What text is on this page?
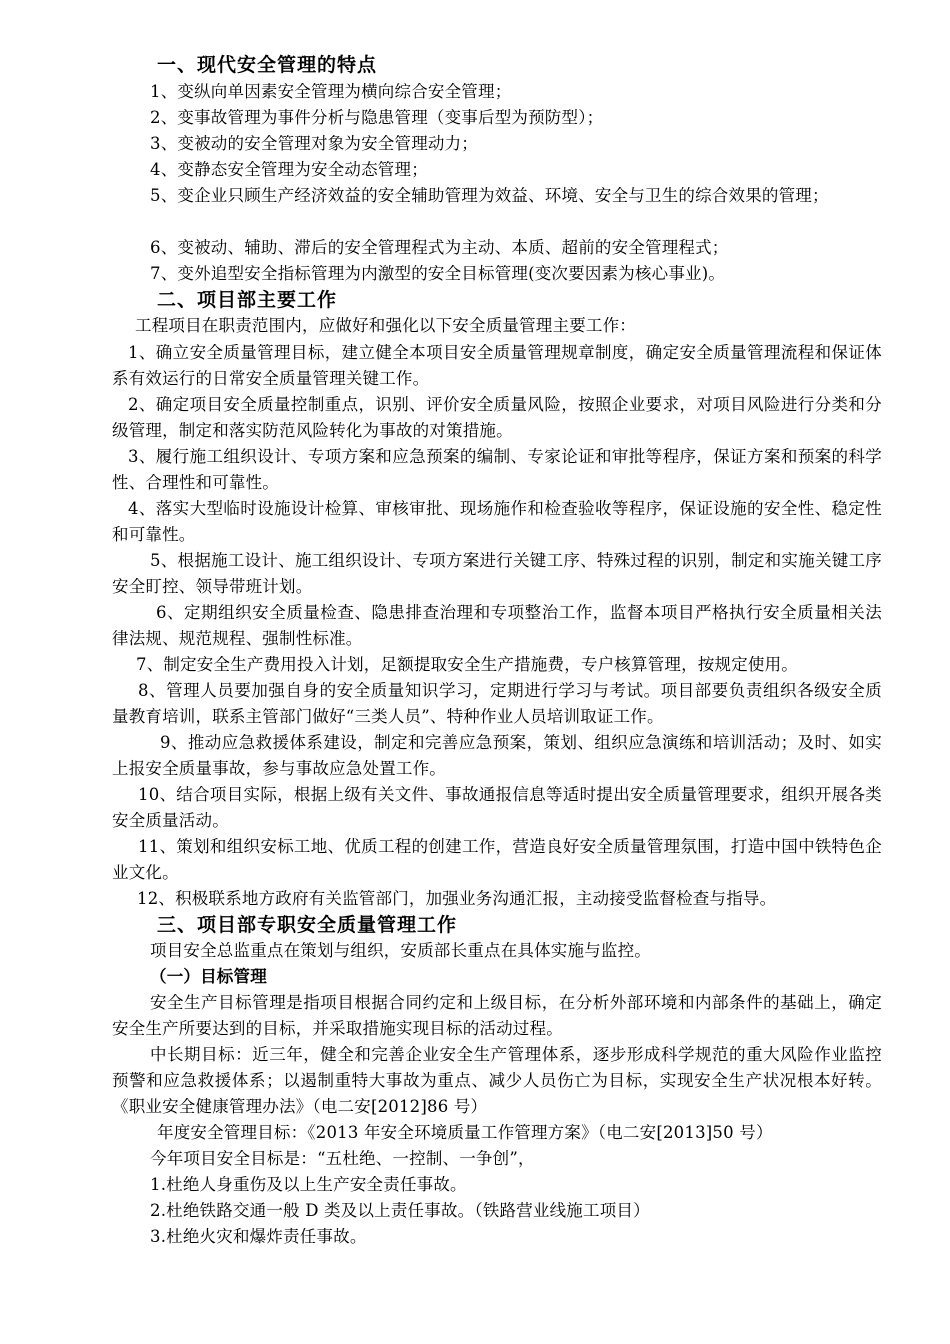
一、现代安全管理的特点
1、变纵向单因素安全管理为横向综合安全管理；
2、变事故管理为事件分析与隐患管理（变事后型为预防型）；
3、变被动的安全管理对象为安全管理动力；
4、变静态安全管理为安全动态管理；
5、变企业只顾生产经济效益的安全辅助管理为效益、环境、安全与卫生的综合效果的管理；
6、变被动、辅助、滞后的安全管理程式为主动、本质、超前的安全管理程式；
7、变外追型安全指标管理为内激型的安全目标管理(变次要因素为核心事业)。
二、项目部主要工作
工程项目在职责范围内，应做好和强化以下安全质量管理主要工作：
1、确立安全质量管理目标，建立健全本项目安全质量管理规章制度，确定安全质量管理流程和保证体系有效运行的日常安全质量管理关键工作。
2、确定项目安全质量控制重点，识别、评价安全质量风险，按照企业要求，对项目风险进行分类和分级管理，制定和落实防范风险转化为事故的对策措施。
3、履行施工组织设计、专项方案和应急预案的编制、专家论证和审批等程序，保证方案和预案的科学性、合理性和可靠性。
4、落实大型临时设施设计检算、审核审批、现场施作和检查验收等程序，保证设施的安全性、稳定性和可靠性。
5、根据施工设计、施工组织设计、专项方案进行关键工序、特殊过程的识别，制定和实施关键工序安全盯控、领导带班计划。
6、定期组织安全质量检查、隐患排查治理和专项整治工作，监督本项目严格执行安全质量相关法律法规、规范规程、强制性标准。
7、制定安全生产费用投入计划，足额提取安全生产措施费，专户核算管理，按规定使用。
8、管理人员要加强自身的安全质量知识学习，定期进行学习与考试。项目部要负责组织各级安全质量教育培训，联系主管部门做好“三类人员”、特种作业人员培训取证工作。
9、推动应急救援体系建设，制定和完善应急预案，策划、组织应急演练和培训活动；及时、如实上报安全质量事故，参与事故应急处置工作。
10、结合项目实际，根据上级有关文件、事故通报信息等适时提出安全质量管理要求，组织开展各类安全质量活动。
11、策划和组织安标工地、优质工程的创建工作，营造良好安全质量管理氛围，打造中国中铁特色企业文化。
12、积极联系地方政府有关监管部门，加强业务沟通汇报，主动接受监督检查与指导。
三、项目部专职安全质量管理工作
项目安全总监重点在策划与组织，安质部长重点在具体实施与监控。
（一）目标管理
安全生产目标管理是指项目根据合同约定和上级目标，在分析外部环境和内部条件的基础上，确定安全生产所要达到的目标，并采取措施实现目标的活动过程。
中长期目标：近三年，健全和完善企业安全生产管理体系，逐步形成科学规范的重大风险作业监控预警和应急救援体系；以遏制重特大事故为重点、减少人员伤亡为目标，实现安全生产状况根本好转。《职业安全健康管理办法》（电二安[2012]86 号）
年度安全管理目标：《2013 年安全环境质量工作管理方案》（电二安[2013]50 号）
今年项目安全目标是：“五杜绝、一控制、一争创”，
1.杜绝人身重伤及以上生产安全责任事故。
2.杜绝铁路交通一般 D 类及以上责任事故。（铁路营业线施工项目）
3.杜绝火灾和爆炸责任事故。
